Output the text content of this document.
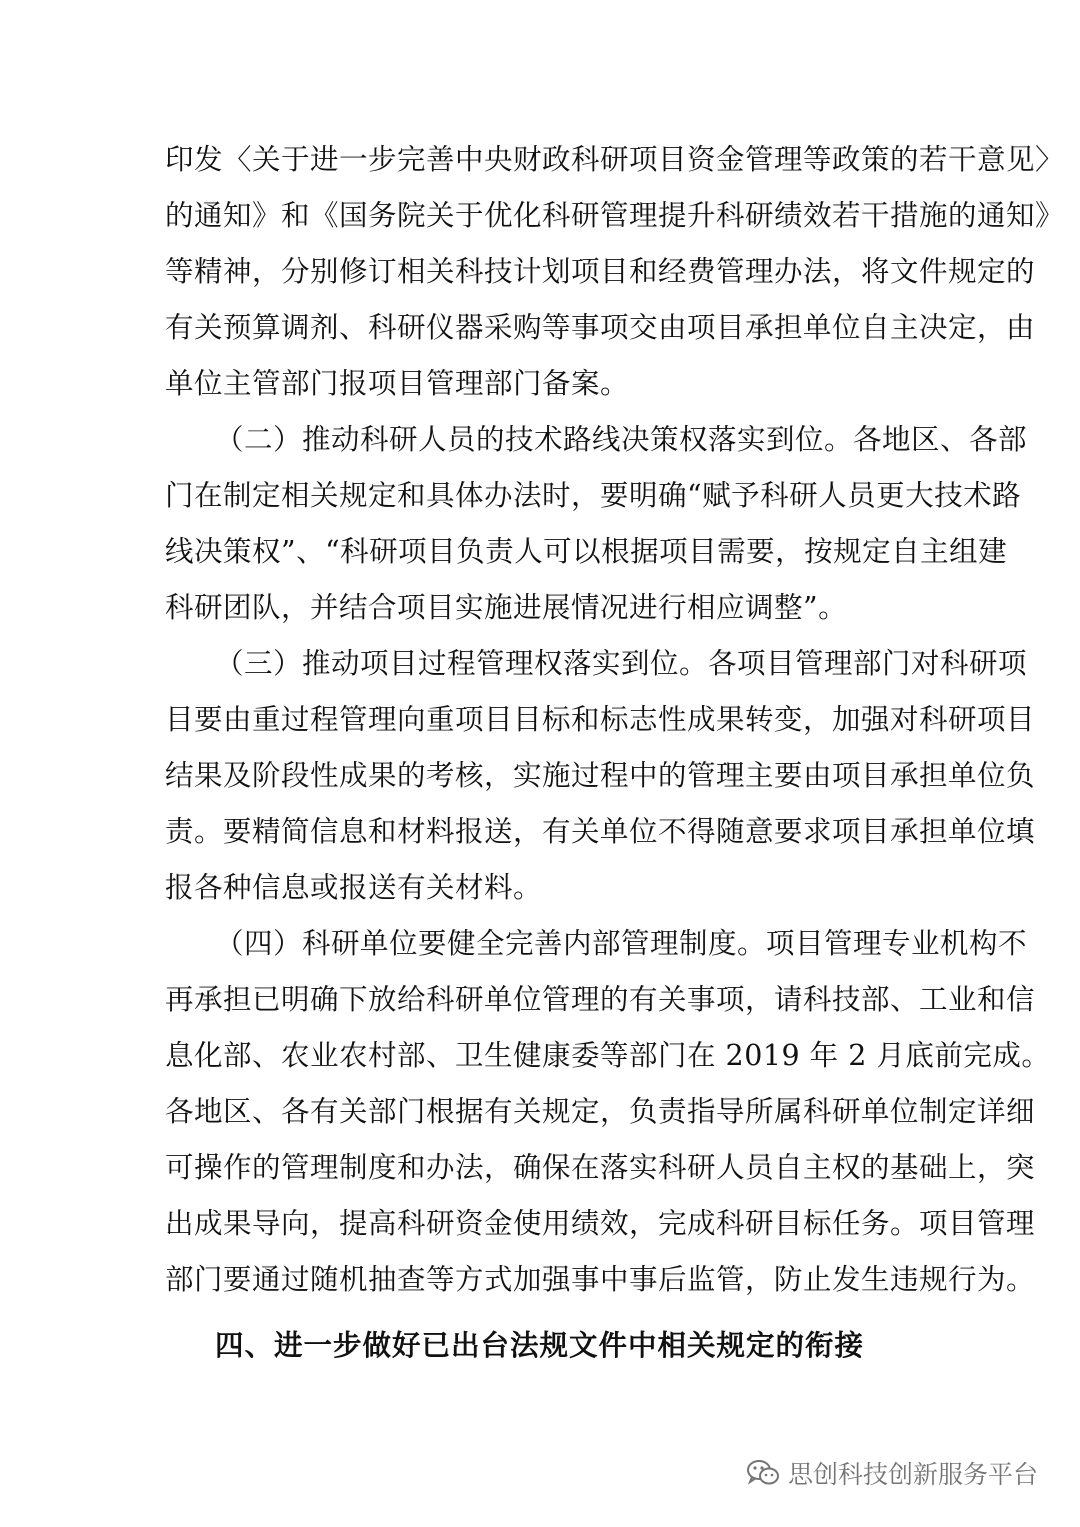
印发〈关于进一步完善中央财政科研项目资金管理等政策的若干意见〉
的通知》和《国务院关于优化科研管理提升科研绩效若干措施的通知》
等精神，分别修订相关科技计划项目和经费管理办法，将文件规定的
有关预算调剂、科研仪器采购等事项交由项目承担单位自主决定，由
单位主管部门报项目管理部门备案。
（二）推动科研人员的技术路线决策权落实到位。各地区、各部
门在制定相关规定和具体办法时，要明确“赋予科研人员更大技术路
线决策权”、“科研项目负责人可以根据项目需要，按规定自主组建
科研团队，并结合项目实施进展情况进行相应调整”。
（三）推动项目过程管理权落实到位。各项目管理部门对科研项
目要由重过程管理向重项目目标和标志性成果转变，加强对科研项目
结果及阶段性成果的考核，实施过程中的管理主要由项目承担单位负
责。要精简信息和材料报送，有关单位不得随意要求项目承担单位填
报各种信息或报送有关材料。
（四）科研单位要健全完善内部管理制度。项目管理专业机构不
再承担已明确下放给科研单位管理的有关事项，请科技部、工业和信
息化部、农业农村部、卫生健康委等部门在 2019 年 2 月底前完成。
各地区、各有关部门根据有关规定，负责指导所属科研单位制定详细
可操作的管理制度和办法，确保在落实科研人员自主权的基础上，突
出成果导向，提高科研资金使用绩效，完成科研目标任务。项目管理
部门要通过随机抽查等方式加强事中事后监管，防止发生违规行为。
四、进一步做好已出台法规文件中相关规定的衔接
思创科技创新服务平台
